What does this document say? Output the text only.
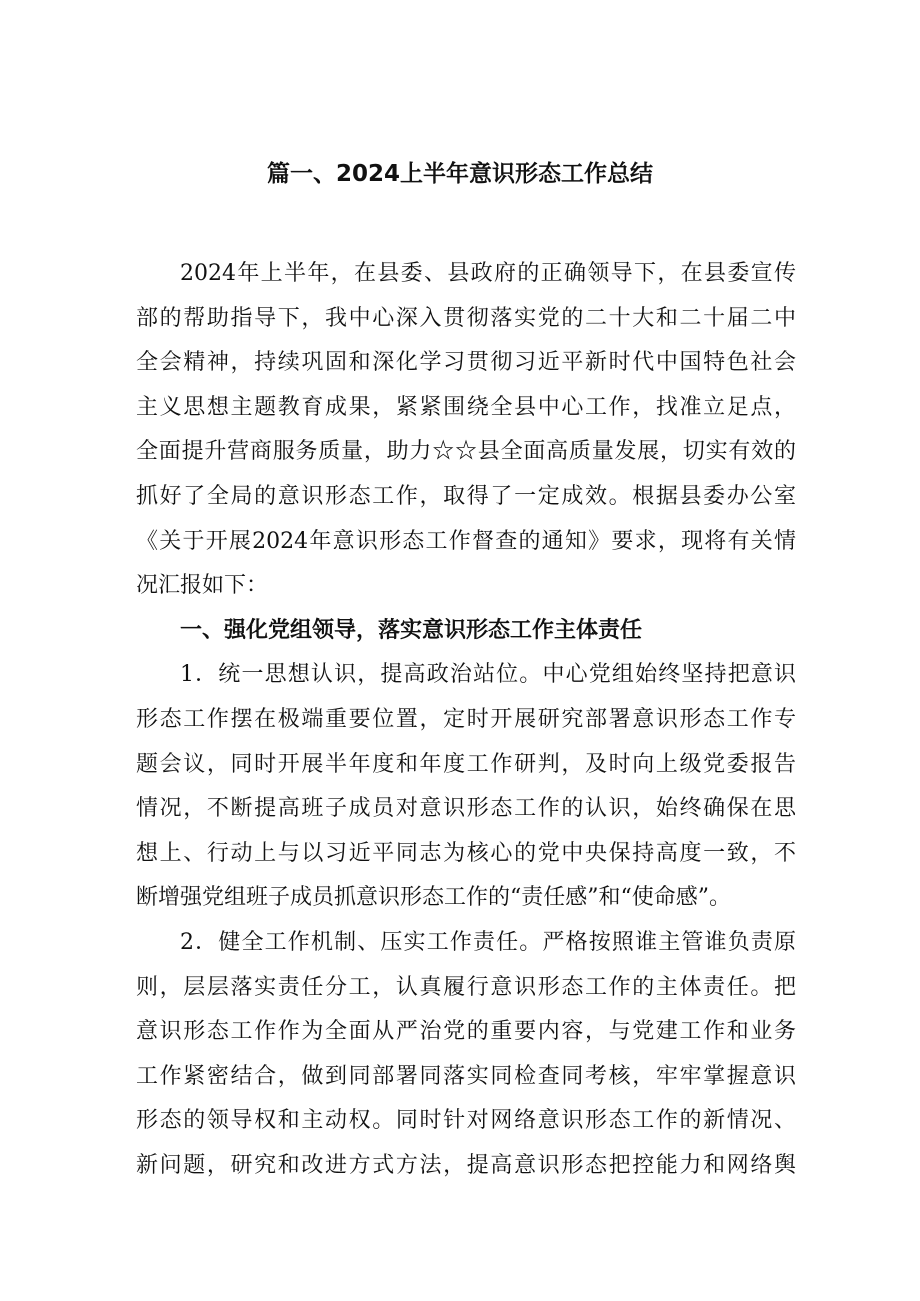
篇一、2024上半年意识形态工作总结
2024年上半年，在县委、县政府的正确领导下，在县委宣传
部的帮助指导下，我中心深入贯彻落实党的二十大和二十届二中
全会精神，持续巩固和深化学习贯彻习近平新时代中国特色社会
主义思想主题教育成果，紧紧围绕全县中心工作，找准立足点，
全面提升营商服务质量，助力☆☆县全面高质量发展，切实有效的
抓好了全局的意识形态工作，取得了一定成效。根据县委办公室
《关于开展2024年意识形态工作督查的通知》要求，现将有关情
况汇报如下：
一、强化党组领导，落实意识形态工作主体责任
1．统一思想认识，提高政治站位。中心党组始终坚持把意识
形态工作摆在极端重要位置，定时开展研究部署意识形态工作专
题会议，同时开展半年度和年度工作研判，及时向上级党委报告
情况，不断提高班子成员对意识形态工作的认识，始终确保在思
想上、行动上与以习近平同志为核心的党中央保持高度一致，不
断增强党组班子成员抓意识形态工作的“责任感”和“使命感”。
2．健全工作机制、压实工作责任。严格按照谁主管谁负责原
则，层层落实责任分工，认真履行意识形态工作的主体责任。把
意识形态工作作为全面从严治党的重要内容，与党建工作和业务
工作紧密结合，做到同部署同落实同检查同考核，牢牢掌握意识
形态的领导权和主动权。同时针对网络意识形态工作的新情况、
新问题，研究和改进方式方法，提高意识形态把控能力和网络舆
